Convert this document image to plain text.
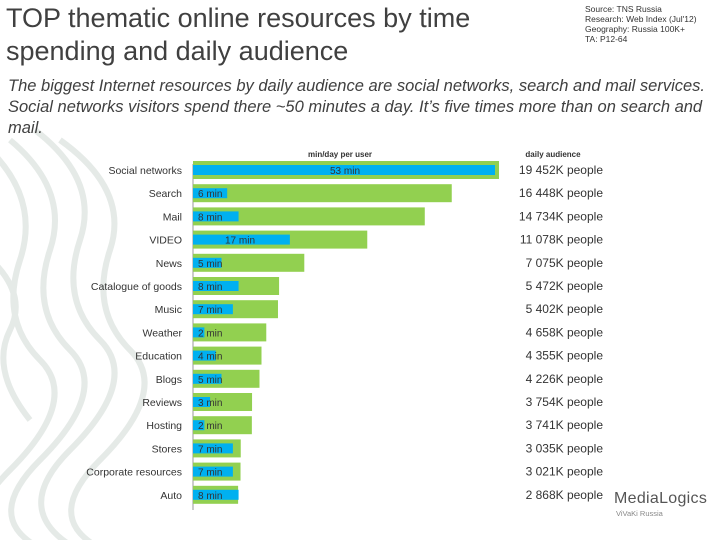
TOP thematic online resources by time spending and daily audience
Source: TNS Russia
Research: Web Index (Jul'12)
Geography: Russia 100K+
TA: P12-64

The biggest Internet resources by daily audience are social networks, search and mail services. Social networks visitors spend there ~50 minutes a day. It’s five times more than on search and mail.

min/day per user	daily audience
Social networks	53 min	19 452K people
Search 6 min	16 448K people
Mail 8 min	14 734K people
VIDEO	17 min	11 078K people
News 5 min	7 075K people
Catalogue of goods 8 min	5 472K people
Music 7 min	5 402K people
Weather 2 min	4 658K people
Education 4 min	4 355K people
Blogs 5 min	4 226K people
Reviews 3 min	3 754K people
Hosting 2 min	3 741K people
Stores 7 min	3 035K people
Corporate resources 7 min	3 021K people
Auto 8 min	2 868K people MediaLogics
ViVaKi Russia
